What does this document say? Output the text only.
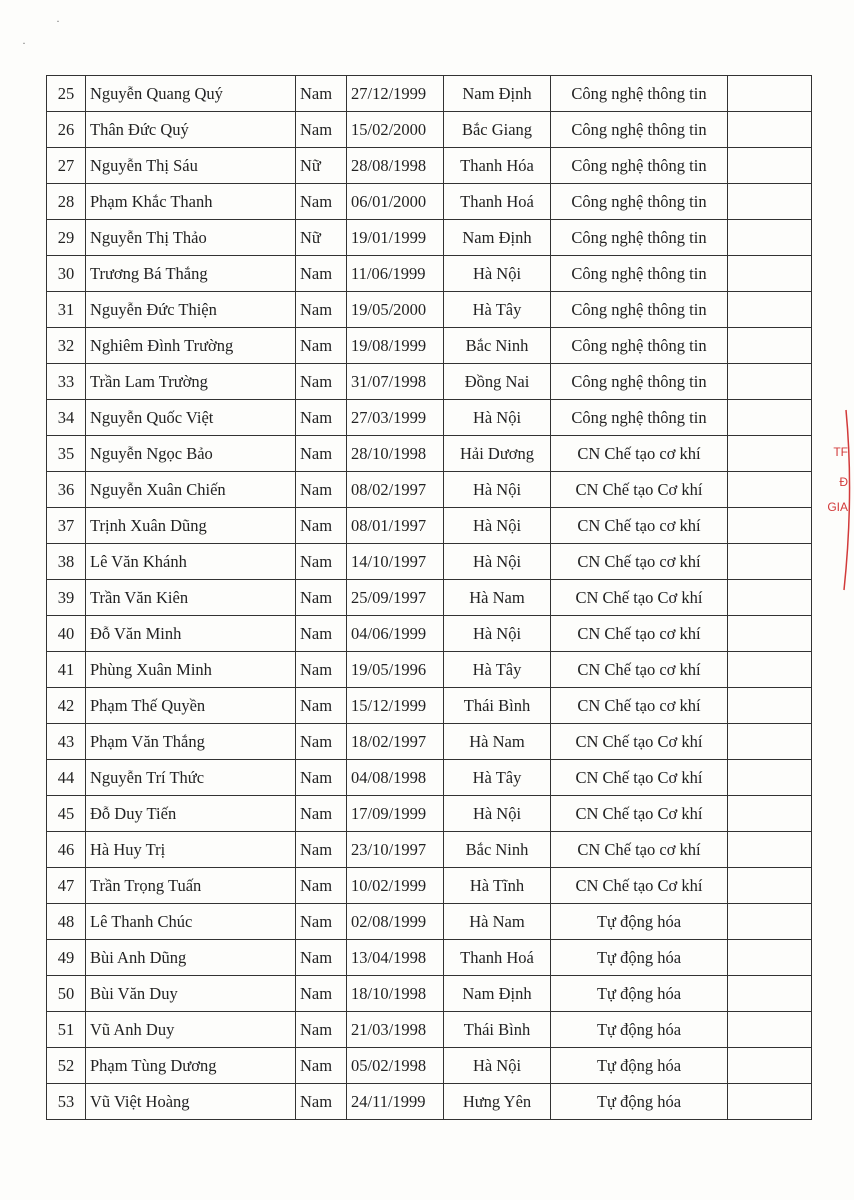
·
·
25	Nguyễn Quang Quý	Nam	27/12/1999	Nam Định	Công nghệ thông tin	
26	Thân Đức Quý	Nam	15/02/2000	Bắc Giang	Công nghệ thông tin	
27	Nguyễn Thị Sáu	Nữ	28/08/1998	Thanh Hóa	Công nghệ thông tin	
28	Phạm Khắc Thanh	Nam	06/01/2000	Thanh Hoá	Công nghệ thông tin	
29	Nguyễn Thị Thảo	Nữ	19/01/1999	Nam Định	Công nghệ thông tin	
30	Trương Bá Thắng	Nam	11/06/1999	Hà Nội	Công nghệ thông tin	
31	Nguyễn Đức Thiện	Nam	19/05/2000	Hà Tây	Công nghệ thông tin	
32	Nghiêm Đình Trường	Nam	19/08/1999	Bắc Ninh	Công nghệ thông tin	
33	Trần Lam Trường	Nam	31/07/1998	Đồng Nai	Công nghệ thông tin	
34	Nguyễn Quốc Việt	Nam	27/03/1999	Hà Nội	Công nghệ thông tin	
35	Nguyễn Ngọc Bảo	Nam	28/10/1998	Hải Dương	CN Chế tạo cơ khí	
36	Nguyễn Xuân Chiến	Nam	08/02/1997	Hà Nội	CN Chế tạo Cơ khí	
37	Trịnh Xuân Dũng	Nam	08/01/1997	Hà Nội	CN Chế tạo cơ khí	
38	Lê Văn Khánh	Nam	14/10/1997	Hà Nội	CN Chế tạo cơ khí	
39	Trần Văn Kiên	Nam	25/09/1997	Hà Nam	CN Chế tạo Cơ khí	
40	Đỗ Văn Minh	Nam	04/06/1999	Hà Nội	CN Chế tạo cơ khí	
41	Phùng Xuân Minh	Nam	19/05/1996	Hà Tây	CN Chế tạo cơ khí	
42	Phạm Thế Quyền	Nam	15/12/1999	Thái Bình	CN Chế tạo cơ khí	
43	Phạm Văn Thắng	Nam	18/02/1997	Hà Nam	CN Chế tạo Cơ khí	
44	Nguyễn Trí Thức	Nam	04/08/1998	Hà Tây	CN Chế tạo Cơ khí	
45	Đỗ Duy Tiến	Nam	17/09/1999	Hà Nội	CN Chế tạo Cơ khí	
46	Hà Huy Trị	Nam	23/10/1997	Bắc Ninh	CN Chế tạo cơ khí	
47	Trần Trọng Tuấn	Nam	10/02/1999	Hà Tĩnh	CN Chế tạo Cơ khí	
48	Lê Thanh Chúc	Nam	02/08/1999	Hà Nam	Tự động hóa	
49	Bùi Anh Dũng	Nam	13/04/1998	Thanh Hoá	Tự động hóa	
50	Bùi Văn Duy	Nam	18/10/1998	Nam Định	Tự động hóa	
51	Vũ Anh Duy	Nam	21/03/1998	Thái Bình	Tự động hóa	
52	Phạm Tùng Dương	Nam	05/02/1998	Hà Nội	Tự động hóa	
53	Vũ Việt Hoàng	Nam	24/11/1999	Hưng Yên	Tự động hóa	
TF
Đ
GIA
